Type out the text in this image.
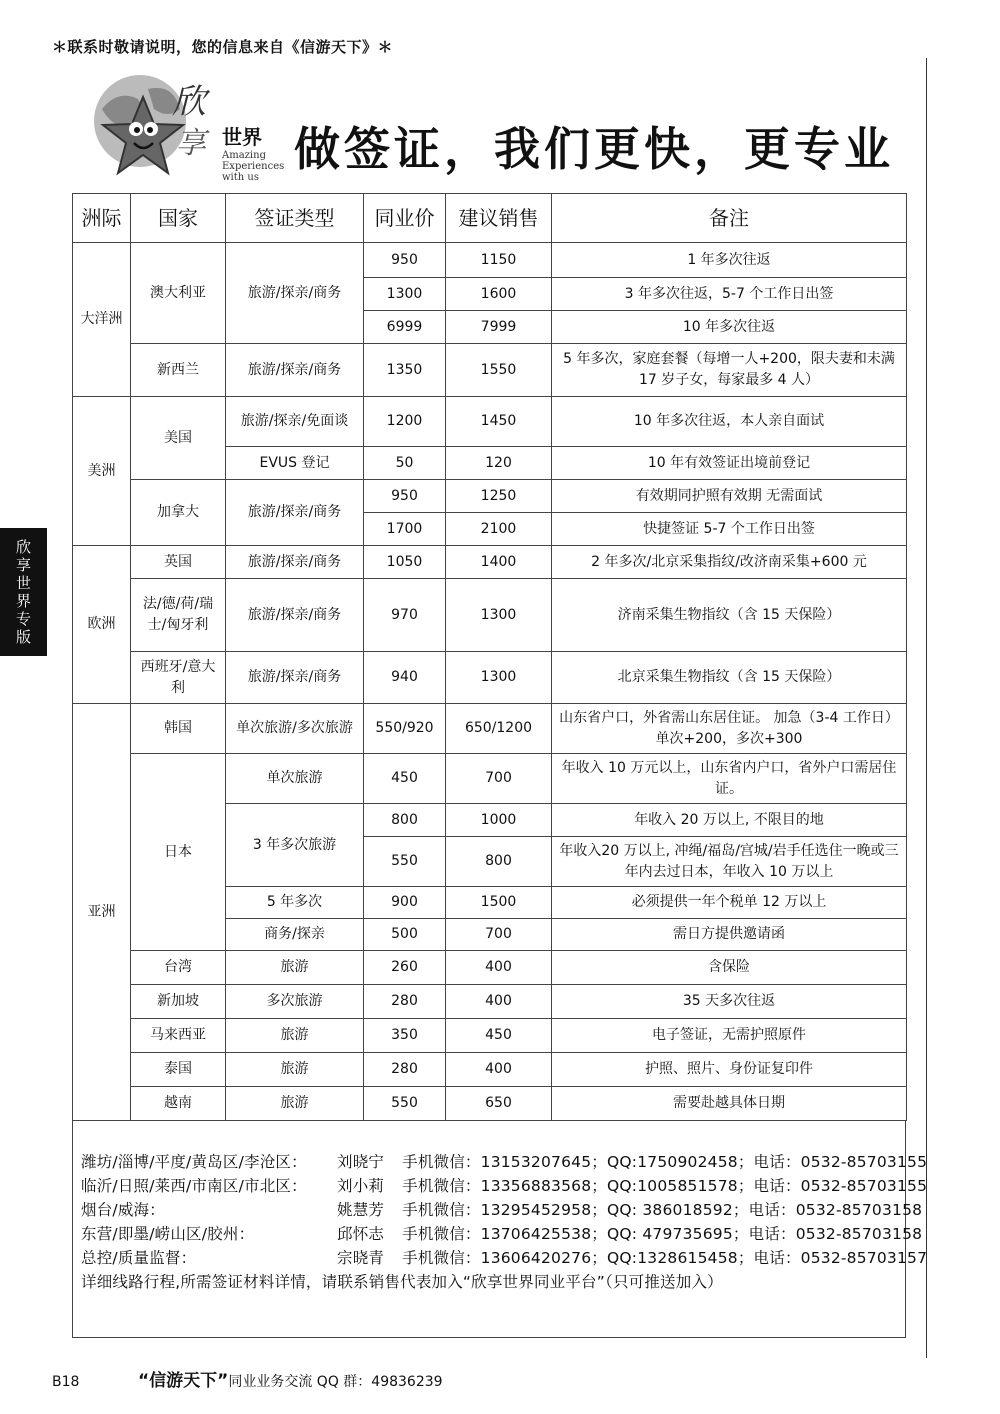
＊联系时敬请说明，您的信息来自《信游天下》＊
欣
享 世界
Amazing
Experiences
with us
做签证，我们更快，更专业
欣
享
世
界
专
版
洲际	国家	签证类型	同业价	建议销售	备注
大洋洲	澳大利亚	旅游/探亲/商务	950	1150	1 年多次往返
			1300	1600	3 年多次往返，5-7 个工作日出签
			6999	7999	10 年多次往返
	新西兰	旅游/探亲/商务	1350	1550	5 年多次，家庭套餐（每增一人+200，限夫妻和未满 17 岁子女，每家最多 4 人）
美洲	美国	旅游/探亲/免面谈	1200	1450	10 年多次往返，本人亲自面试
		EVUS 登记	50	120	10 年有效签证出境前登记
	加拿大	旅游/探亲/商务	950	1250	有效期同护照有效期 无需面试
			1700	2100	快捷签证 5-7 个工作日出签
欧洲	英国	旅游/探亲/商务	1050	1400	2 年多次/北京采集指纹/改济南采集+600 元
	法/德/荷/瑞士/匈牙利	旅游/探亲/商务	970	1300	济南采集生物指纹（含 15 天保险）
	西班牙/意大利	旅游/探亲/商务	940	1300	北京采集生物指纹（含 15 天保险）
亚洲	韩国	单次旅游/多次旅游	550/920	650/1200	山东省户口，外省需山东居住证。 加急（3-4 工作日）单次+200，多次+300
	日本	单次旅游	450	700	年收入 10 万元以上，山东省内户口，省外户口需居住证。
		3 年多次旅游	800	1000	年收入 20 万以上, 不限目的地
			550	800	年收入20 万以上, 冲绳/福岛/宫城/岩手任选住一晚或三年内去过日本，年收入 10 万以上
		5 年多次	900	1500	必须提供一年个税单 12 万以上
		商务/探亲	500	700	需日方提供邀请函
	台湾	旅游	260	400	含保险
	新加坡	多次旅游	280	400	35 天多次往返
	马来西亚	旅游	350	450	电子签证，无需护照原件
	泰国	旅游	280	400	护照、照片、身份证复印件
	越南	旅游	550	650	需要赴越具体日期
潍坊/淄博/平度/黄岛区/李沧区： 刘晓宁 手机微信：13153207645；QQ:1750902458；电话：0532-85703155
临沂/日照/莱西/市南区/市北区： 刘小莉 手机微信：13356883568；QQ:1005851578；电话：0532-85703155
烟台/威海：	姚慧芳 手机微信：13295452958；QQ: 386018592；电话：0532-85703158
东营/即墨/崂山区/胶州：	邱怀志 手机微信：13706425538；QQ: 479735695；电话：0532-85703158
总控/质量监督：	宗晓青 手机微信：13606420276；QQ:1328615458；电话：0532-85703157
详细线路行程,所需签证材料详情，请联系销售代表加入“欣享世界同业平台”（只可推送加入）
B18	“信游天下”同业业务交流 QQ 群：49836239
